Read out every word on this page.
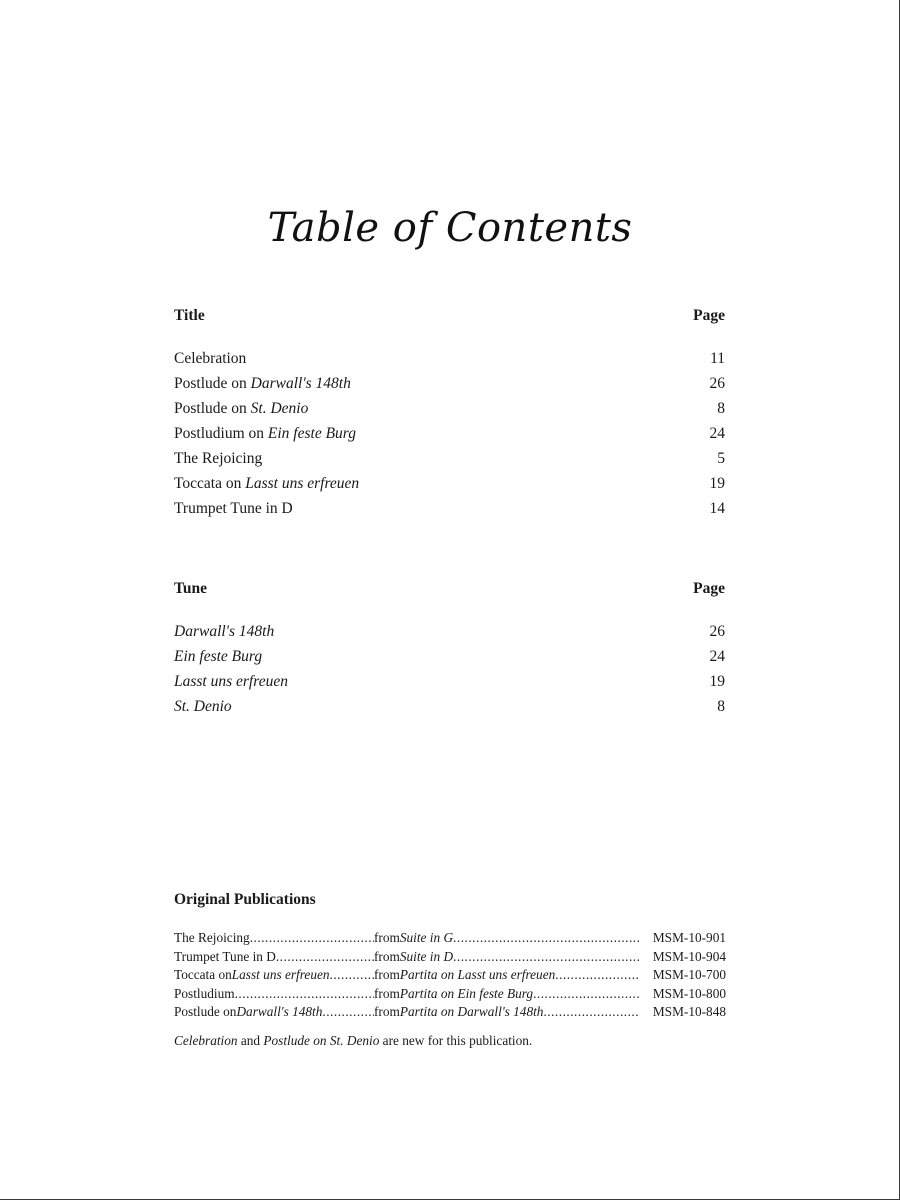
Table of Contents
Title	Page
Celebration	11
Postlude on Darwall's 148th	26
Postlude on St. Denio	8
Postludium on Ein feste Burg	24
The Rejoicing	5
Toccata on Lasst uns erfreuen	19
Trumpet Tune in D	14
Tune	Page
Darwall's 148th	26
Ein feste Burg	24
Lasst uns erfreuen	19
St. Denio	8
Original Publications
The Rejoicing .....	from Suite in G .....	MSM-10-901
Trumpet Tune in D .....	from Suite in D .....	MSM-10-904
Toccata on Lasst uns erfreuen .....	from Partita on Lasst uns erfreuen .....	MSM-10-700
Postludium .....	from Partita on Ein feste Burg .....	MSM-10-800
Postlude on Darwall's 148th .....	from Partita on Darwall's 148th .....	MSM-10-848
Celebration and Postlude on St. Denio are new for this publication.
